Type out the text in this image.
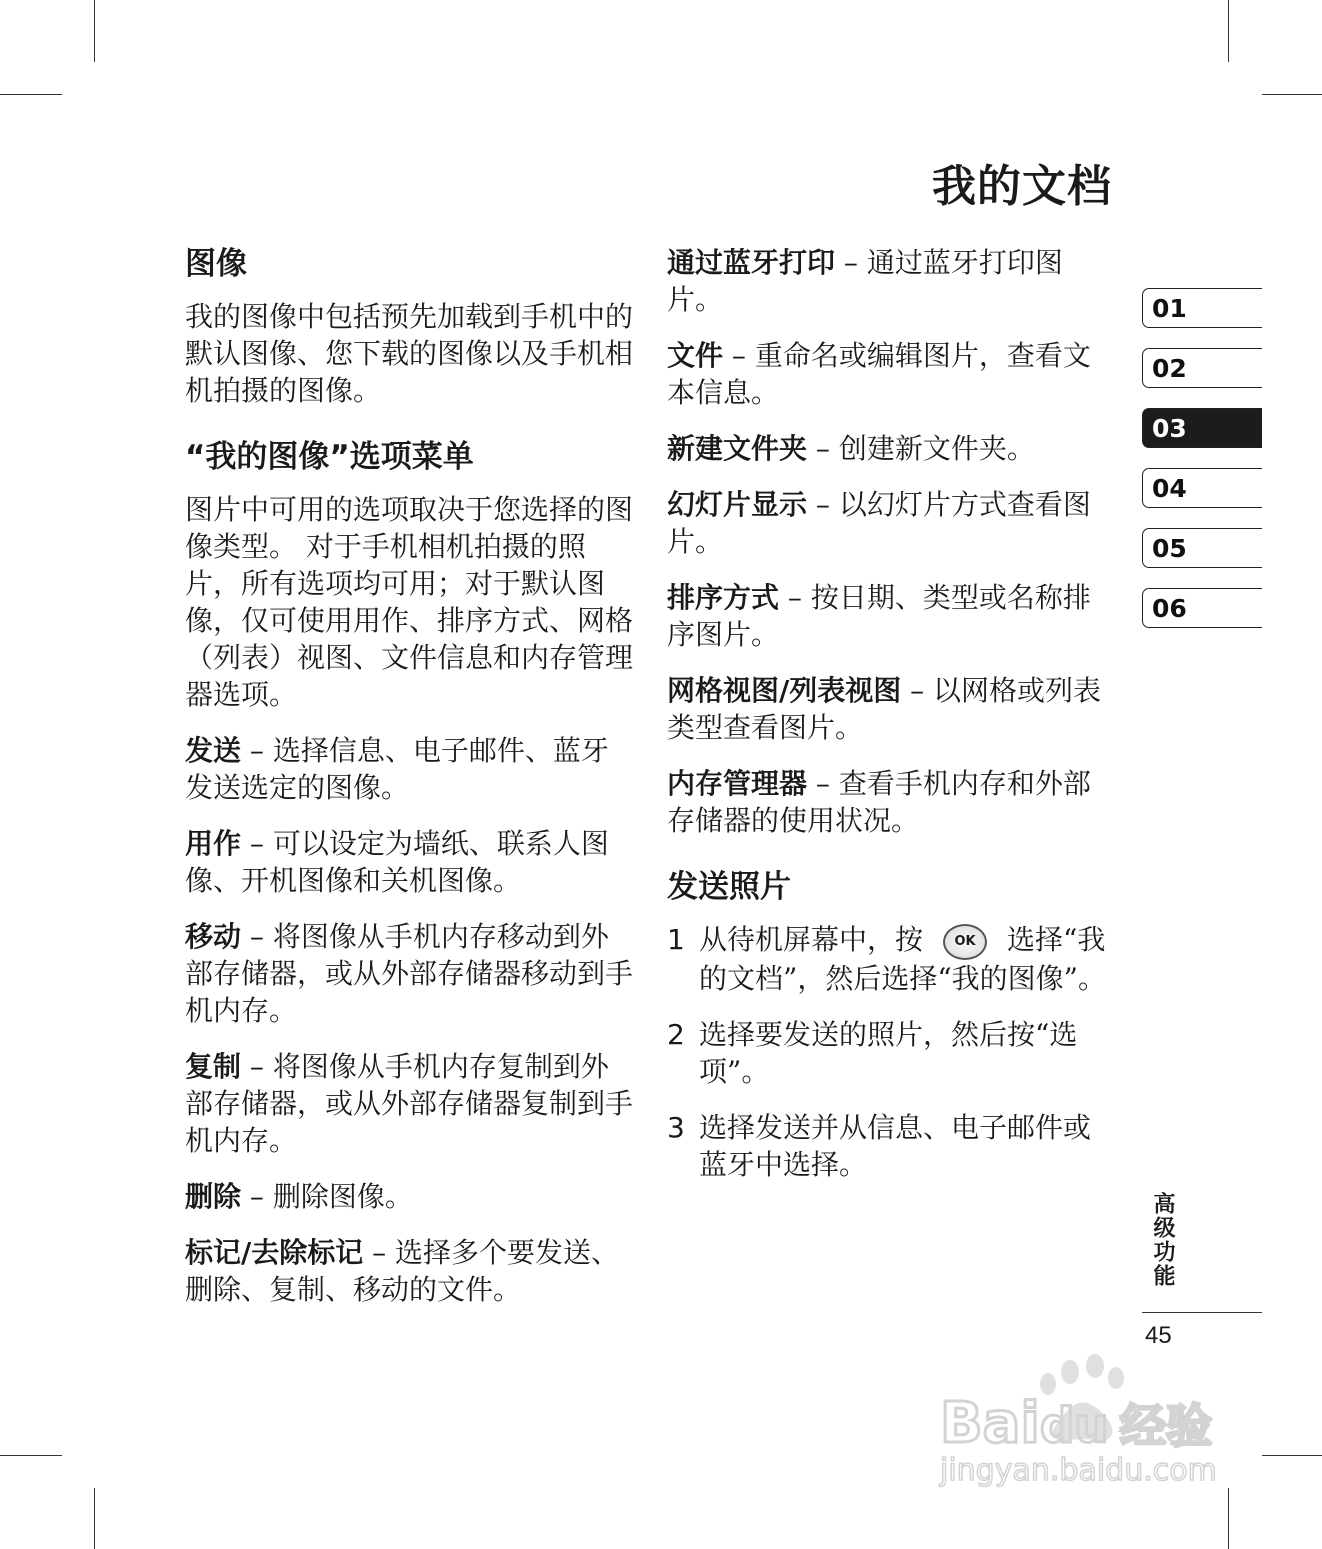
我的文档
图像

我的图像中包括预先加载到手机中的默认图像、您下载的图像以及手机相机拍摄的图像。

“我的图像”选项菜单

图片中可用的选项取决于您选择的图像类型。 对于手机相机拍摄的照片，所有选项均可用；对于默认图像，仅可使用用作、排序方式、网格（列表）视图、文件信息和内存管理器选项。

发送 – 选择信息、电子邮件、蓝牙发送选定的图像。

用作 – 可以设定为墙纸、联系人图像、开机图像和关机图像。

移动 – 将图像从手机内存移动到外部存储器，或从外部存储器移动到手机内存。

复制 – 将图像从手机内存复制到外部存储器，或从外部存储器复制到手机内存。

删除 – 删除图像。

标记/去除标记 – 选择多个要发送、删除、复制、移动的文件。

通过蓝牙打印 – 通过蓝牙打印图片。

文件 – 重命名或编辑图片，查看文本信息。

新建文件夹 – 创建新文件夹。

幻灯片显示 – 以幻灯片方式查看图片。

排序方式 – 按日期、类型或名称排序图片。

网格视图/列表视图 – 以网格或列表类型查看图片。

内存管理器 – 查看手机内存和外部存储器的使用状况。

发送照片
1 从待机屏幕中，按 OK 选择“我的文档”，然后选择“我的图像”。
2 选择要发送的照片，然后按“选项”。
3 选择发送并从信息、电子邮件或蓝牙中选择。
01
02
03
04
05
06
高级功能
45
Bai du 经验
jingyan.baidu.com
